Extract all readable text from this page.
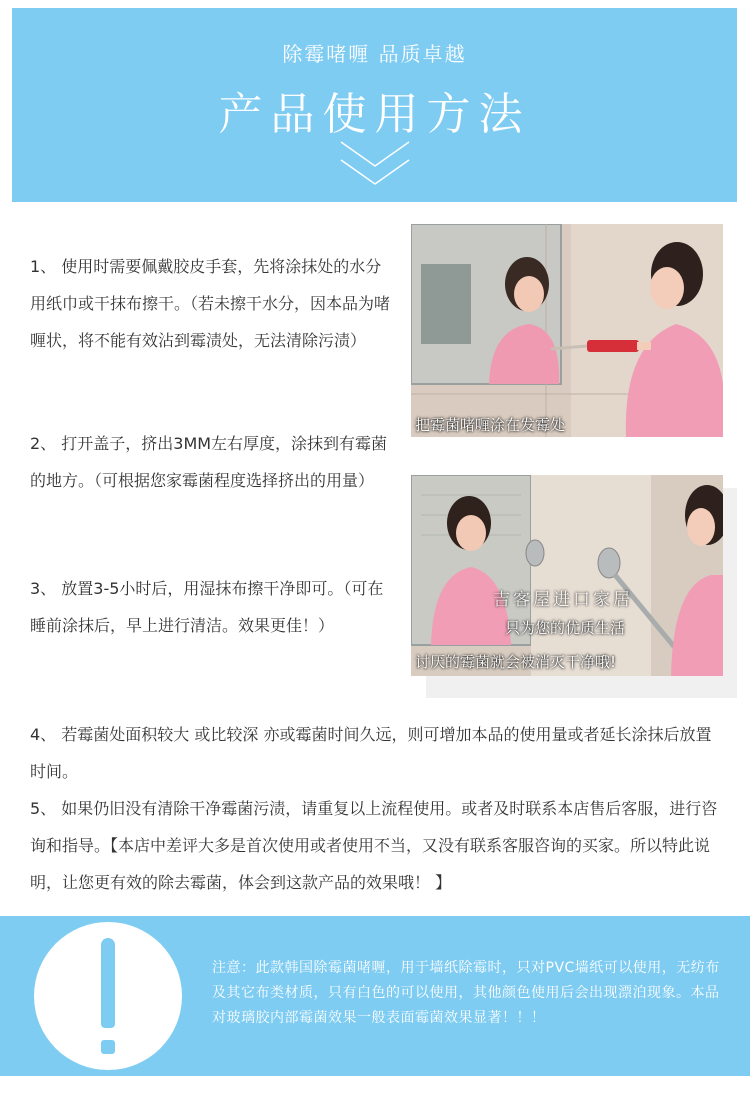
除霉啫喱 品质卓越
产品使用方法

1、 使用时需要佩戴胶皮手套，先将涂抹处的水分用纸巾或干抹布擦干。（若未擦干水分，因本品为啫喱状，将不能有效沾到霉渍处，无法清除污渍）

2、 打开盖子，挤出3MM左右厚度，涂抹到有霉菌的地方。（可根据您家霉菌程度选择挤出的用量）

3、 放置3-5小时后，用湿抹布擦干净即可。（可在睡前涂抹后，早上进行清洁。效果更佳！）

把霉菌啫喱涂在发霉处
吉客屋进口家居
只为您的优质生活
讨厌的霉菌就会被消灭干净哦!

4、 若霉菌处面积较大 或比较深 亦或霉菌时间久远，则可增加本品的使用量或者延长涂抹后放置时间。

5、 如果仍旧没有清除干净霉菌污渍，请重复以上流程使用。或者及时联系本店售后客服，进行咨询和指导。【本店中差评大多是首次使用或者使用不当，又没有联系客服咨询的买家。所以特此说明，让您更有效的除去霉菌，体会到这款产品的效果哦！ 】

注意：此款韩国除霉菌啫喱，用于墙纸除霉时，只对PVC墙纸可以使用，无纺布及其它布类材质，只有白色的可以使用，其他颜色使用后会出现漂泊现象。本品对玻璃胶内部霉菌效果一般表面霉菌效果显著！！！
